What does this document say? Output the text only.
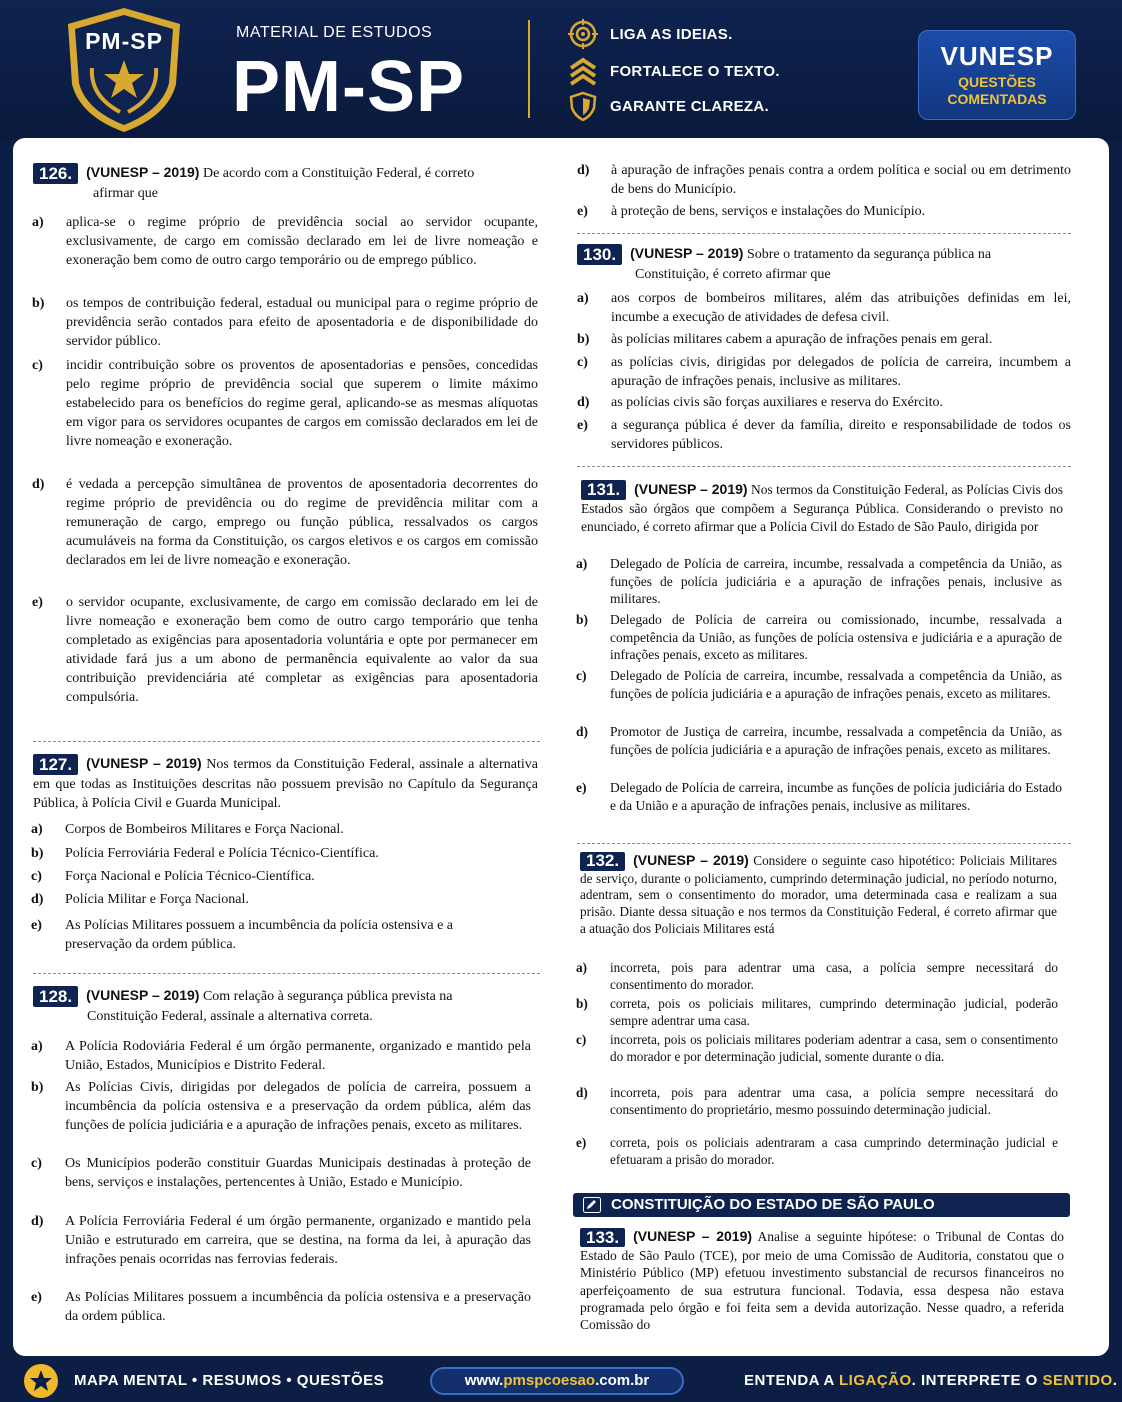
PM-SP	MATERIAL DE ESTUDOS
PM-SP
LIGA AS IDEIAS.
FORTALECE O TEXTO.
GARANTE CLAREZA.
VUNESP
QUESTÕES
COMENTADAS
126. (VUNESP – 2019) De acordo com a Constituição Federal, é correto
afirmar que
a) aplica-se o regime próprio de previdência social ao servidor ocupante, exclusivamente, de cargo em comissão declarado em lei de livre nomeação e exoneração bem como de outro cargo temporário ou de emprego público.
b) os tempos de contribuição federal, estadual ou municipal para o regime próprio de previdência serão contados para efeito de aposentadoria e de disponibilidade do servidor público.
c) incidir contribuição sobre os proventos de aposentadorias e pensões, concedidas pelo regime próprio de previdência social que superem o limite máximo estabelecido para os benefícios do regime geral, aplicando-se as mesmas alíquotas em vigor para os servidores ocupantes de cargos em comissão declarados em lei de livre nomeação e exoneração.
d) é vedada a percepção simultânea de proventos de aposentadoria decorrentes do regime próprio de previdência ou do regime de previdência militar com a remuneração de cargo, emprego ou função pública, ressalvados os cargos acumuláveis na forma da Constituição, os cargos eletivos e os cargos em comissão declarados em lei de livre nomeação e exoneração.
e) o servidor ocupante, exclusivamente, de cargo em comissão declarado em lei de livre nomeação e exoneração bem como de outro cargo temporário que tenha completado as exigências para aposentadoria voluntária e opte por permanecer em atividade fará jus a um abono de permanência equivalente ao valor da sua contribuição previdenciária até completar as exigências para aposentadoria compulsória.
127. (VUNESP – 2019) Nos termos da Constituição Federal, assinale a alternativa em que todas as Instituições descritas não possuem previsão no Capítulo da Segurança Pública, à Polícia Civil e Guarda Municipal.
a) Corpos de Bombeiros Militares e Força Nacional.
b) Polícia Ferroviária Federal e Polícia Técnico-Científica.
c) Força Nacional e Polícia Técnico-Científica.
d) Polícia Militar e Força Nacional.
e) As Polícias Militares possuem a incumbência da polícia ostensiva e a preservação da ordem pública.
128. (VUNESP – 2019) Com relação à segurança pública prevista na
Constituição Federal, assinale a alternativa correta.
a) A Polícia Rodoviária Federal é um órgão permanente, organizado e mantido pela União, Estados, Municípios e Distrito Federal.
b) As Polícias Civis, dirigidas por delegados de polícia de carreira, possuem a incumbência da polícia ostensiva e a preservação da ordem pública, além das funções de polícia judiciária e a apuração de infrações penais, exceto as militares.
c) Os Municípios poderão constituir Guardas Municipais destinadas à proteção de bens, serviços e instalações, pertencentes à União, Estado e Município.
d) A Polícia Ferroviária Federal é um órgão permanente, organizado e mantido pela União e estruturado em carreira, que se destina, na forma da lei, à apuração das infrações penais ocorridas nas ferrovias federais.
e) As Polícias Militares possuem a incumbência da polícia ostensiva e a preservação da ordem pública.
d) à apuração de infrações penais contra a ordem política e social ou em detrimento de bens do Município.
e) à proteção de bens, serviços e instalações do Município.
130. (VUNESP – 2019) Sobre o tratamento da segurança pública na
Constituição, é correto afirmar que
a) aos corpos de bombeiros militares, além das atribuições definidas em lei, incumbe a execução de atividades de defesa civil.
b) às polícias militares cabem a apuração de infrações penais em geral.
c) as polícias civis, dirigidas por delegados de polícia de carreira, incumbem a apuração de infrações penais, inclusive as militares.
d) as polícias civis são forças auxiliares e reserva do Exército.
e) a segurança pública é dever da família, direito e responsabilidade de todos os servidores públicos.
131. (VUNESP – 2019) Nos termos da Constituição Federal, as Polícias Civis dos Estados são órgãos que compõem a Segurança Pública. Considerando o previsto no enunciado, é correto afirmar que a Polícia Civil do Estado de São Paulo, dirigida por
a) Delegado de Polícia de carreira, incumbe, ressalvada a competência da União, as funções de polícia judiciária e a apuração de infrações penais, inclusive as militares.
b) Delegado de Polícia de carreira ou comissionado, incumbe, ressalvada a competência da União, as funções de polícia ostensiva e judiciária e a apuração de infrações penais, exceto as militares.
c) Delegado de Polícia de carreira, incumbe, ressalvada a competência da União, as funções de polícia judiciária e a apuração de infrações penais, exceto as militares.
d) Promotor de Justiça de carreira, incumbe, ressalvada a competência da União, as funções de polícia judiciária e a apuração de infrações penais, exceto as militares.
e) Delegado de Polícia de carreira, incumbe as funções de polícia judiciária do Estado e da União e a apuração de infrações penais, inclusive as militares.
132. (VUNESP – 2019) Considere o seguinte caso hipotético: Policiais Militares de serviço, durante o policiamento, cumprindo determinação judicial, no período noturno, adentram, sem o consentimento do morador, uma determinada casa e realizam a sua prisão. Diante dessa situação e nos termos da Constituição Federal, é correto afirmar que a atuação dos Policiais Militares está
a) incorreta, pois para adentrar uma casa, a polícia sempre necessitará do consentimento do morador.
b) correta, pois os policiais militares, cumprindo determinação judicial, poderão sempre adentrar uma casa.
c) incorreta, pois os policiais militares poderiam adentrar a casa, sem o consentimento do morador e por determinação judicial, somente durante o dia.
d) incorreta, pois para adentrar uma casa, a polícia sempre necessitará do consentimento do proprietário, mesmo possuindo determinação judicial.
e) correta, pois os policiais adentraram a casa cumprindo determinação judicial e efetuaram a prisão do morador.
CONSTITUIÇÃO DO ESTADO DE SÃO PAULO
133. (VUNESP – 2019) Analise a seguinte hipótese: o Tribunal de Contas do Estado de São Paulo (TCE), por meio de uma Comissão de Auditoria, constatou que o Ministério Público (MP) efetuou investimento substancial de recursos financeiros no aperfeiçoamento de sua estrutura funcional. Todavia, essa despesa não estava programada pelo órgão e foi feita sem a devida autorização. Nesse quadro, a referida Comissão do
MAPA MENTAL • RESUMOS • QUESTÕES	www.pmspcoesao.com.br	ENTENDA A LIGAÇÃO. INTERPRETE O SENTIDO.
